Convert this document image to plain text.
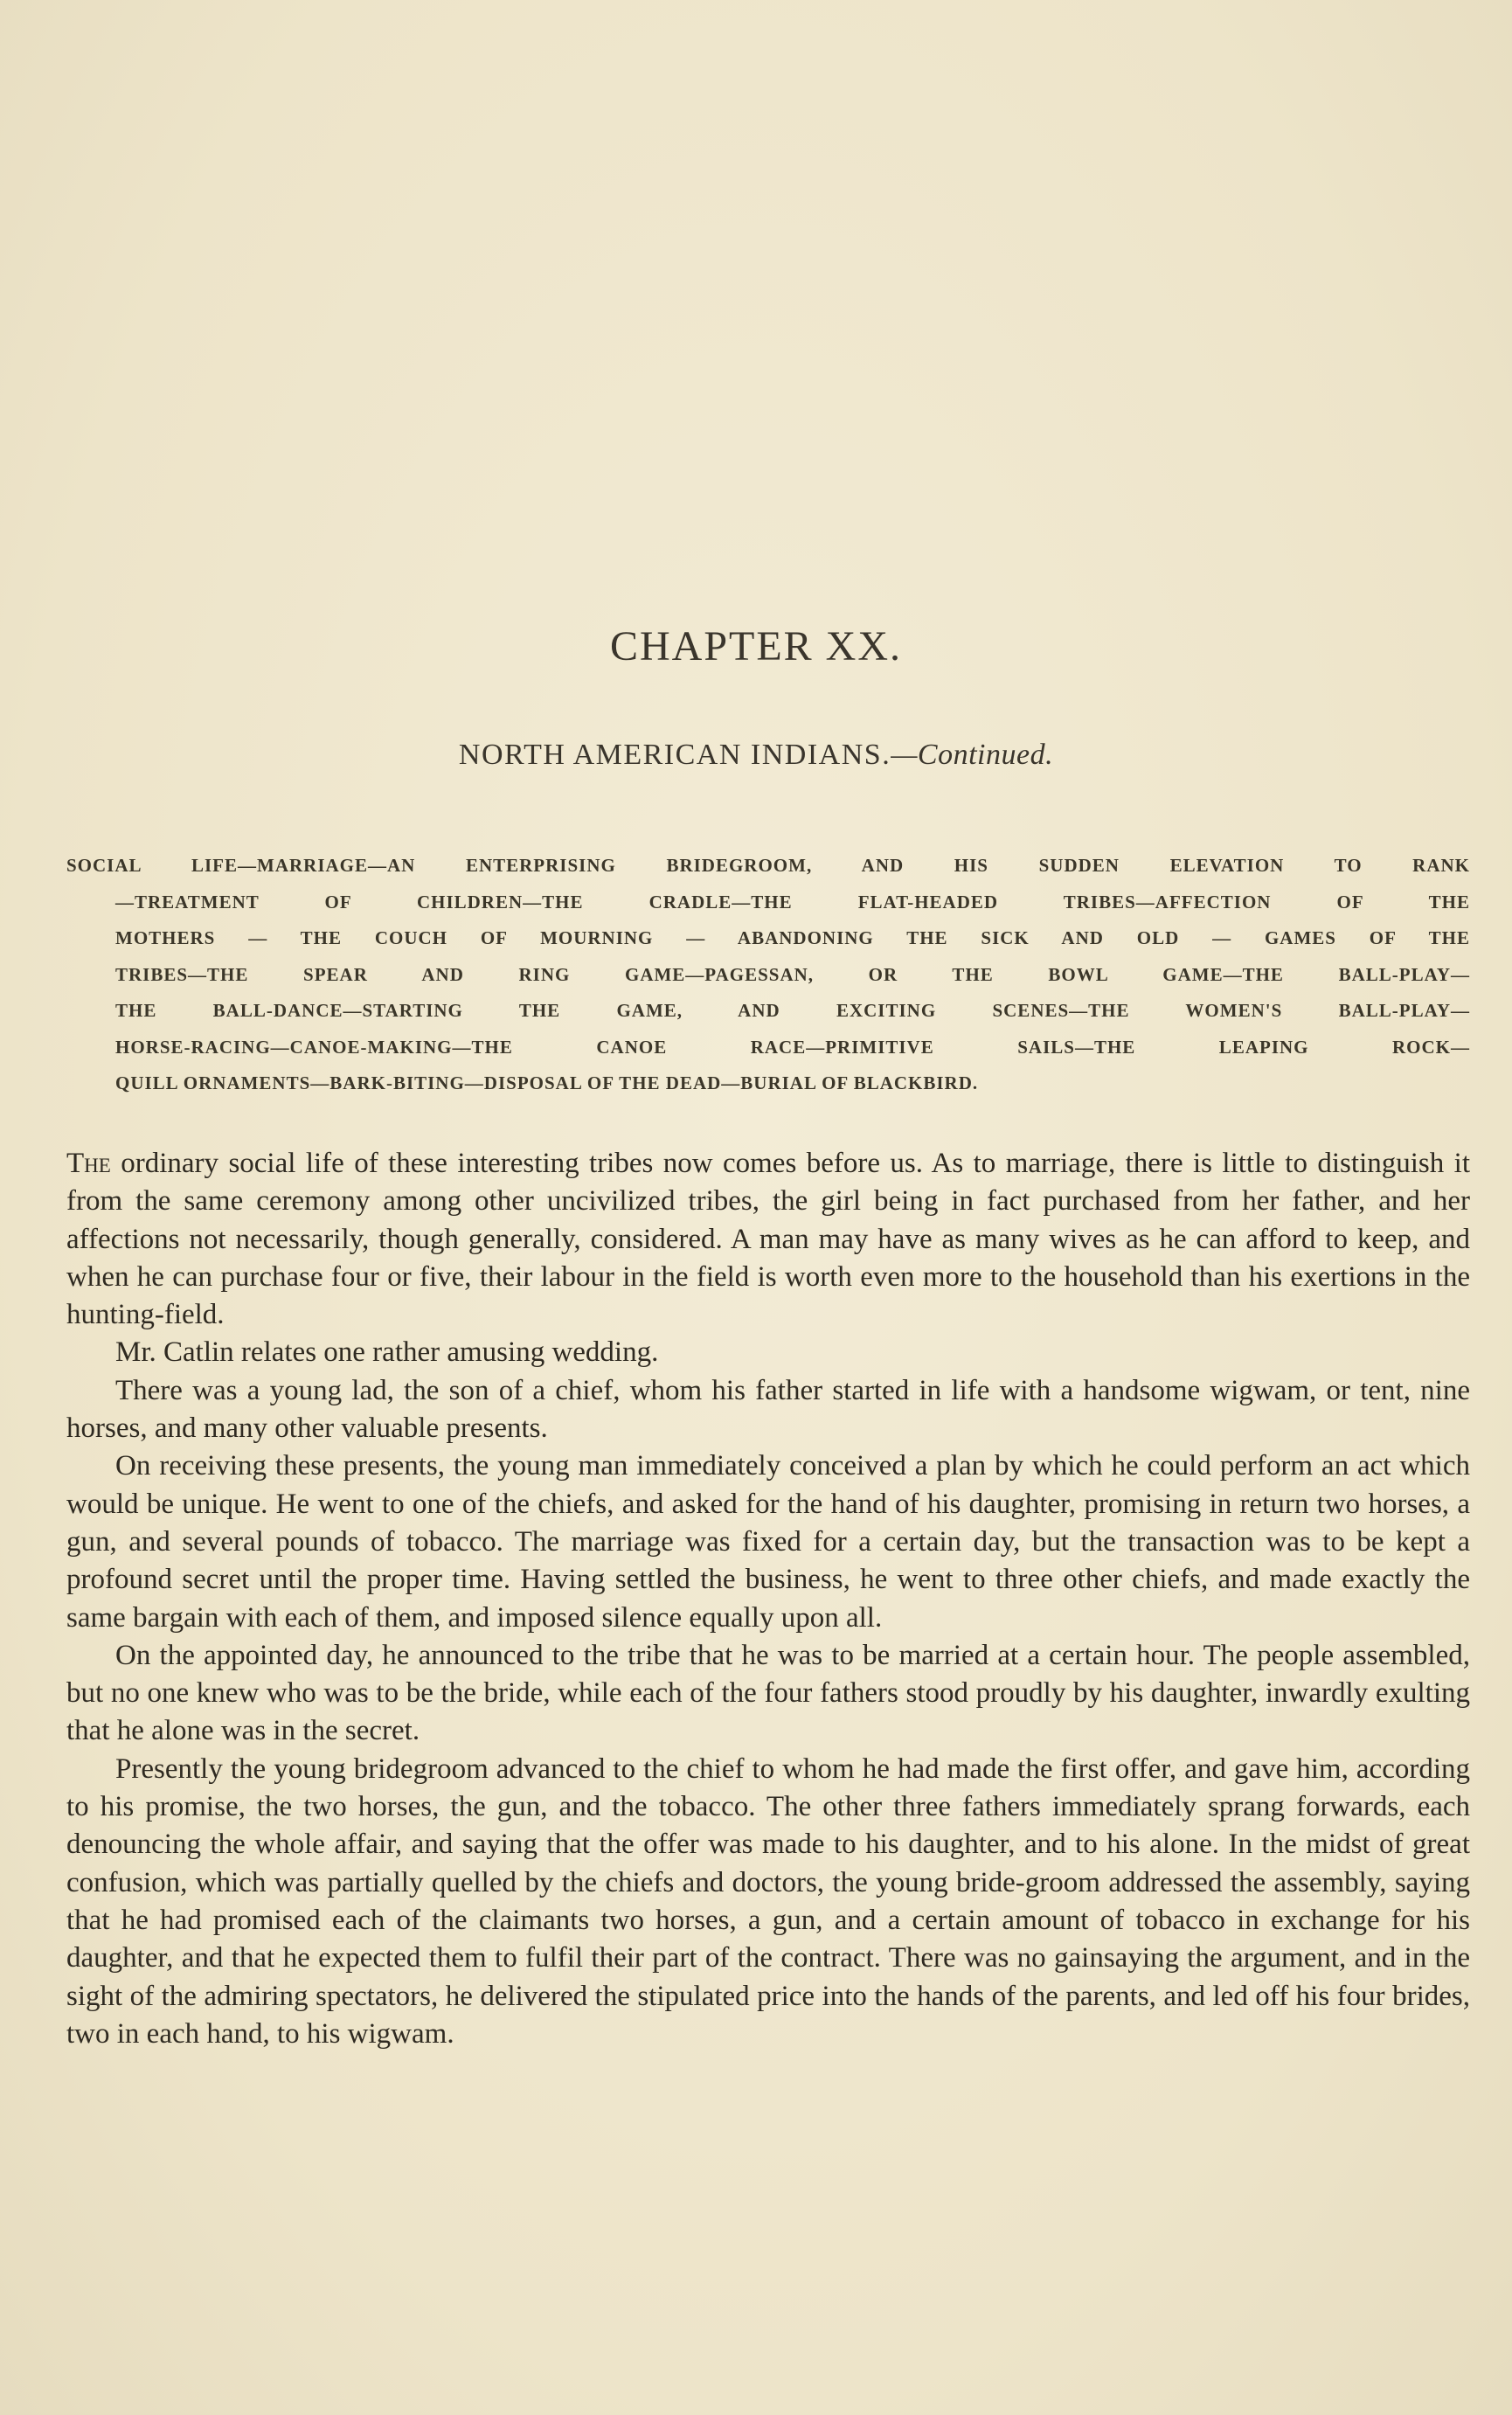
CHAPTER XX.
NORTH AMERICAN INDIANS.—Continued.
SOCIAL LIFE—MARRIAGE—AN ENTERPRISING BRIDEGROOM, AND HIS SUDDEN ELEVATION TO RANK
—TREATMENT OF CHILDREN—THE CRADLE—THE FLAT-HEADED TRIBES—AFFECTION OF THE
MOTHERS — THE COUCH OF MOURNING — ABANDONING THE SICK AND OLD — GAMES OF THE
TRIBES—THE SPEAR AND RING GAME—PAGESSAN, OR THE BOWL GAME—THE BALL-PLAY—
THE BALL-DANCE—STARTING THE GAME, AND EXCITING SCENES—THE WOMEN'S BALL-PLAY—
HORSE-RACING—CANOE-MAKING—THE CANOE RACE—PRIMITIVE SAILS—THE LEAPING ROCK—
QUILL ORNAMENTS—BARK-BITING—DISPOSAL OF THE DEAD—BURIAL OF BLACKBIRD.

The ordinary social life of these interesting tribes now comes before us. As to marriage, there is little to distinguish it from the same ceremony among other uncivilized tribes, the girl being in fact purchased from her father, and her affections not necessarily, though generally, considered. A man may have as many wives as he can afford to keep, and when he can purchase four or five, their labour in the field is worth even more to the household than his exertions in the hunting-field.

Mr. Catlin relates one rather amusing wedding.

There was a young lad, the son of a chief, whom his father started in life with a handsome wigwam, or tent, nine horses, and many other valuable presents.

On receiving these presents, the young man immediately conceived a plan by which he could perform an act which would be unique. He went to one of the chiefs, and asked for the hand of his daughter, promising in return two horses, a gun, and several pounds of tobacco. The marriage was fixed for a certain day, but the transaction was to be kept a profound secret until the proper time. Having settled the business, he went to three other chiefs, and made exactly the same bargain with each of them, and imposed silence equally upon all.

On the appointed day, he announced to the tribe that he was to be married at a certain hour. The people assembled, but no one knew who was to be the bride, while each of the four fathers stood proudly by his daughter, inwardly exulting that he alone was in the secret.

Presently the young bridegroom advanced to the chief to whom he had made the first offer, and gave him, according to his promise, the two horses, the gun, and the tobacco. The other three fathers immediately sprang forwards, each denouncing the whole affair, and saying that the offer was made to his daughter, and to his alone. In the midst of great confusion, which was partially quelled by the chiefs and doctors, the young bride-groom addressed the assembly, saying that he had promised each of the claimants two horses, a gun, and a certain amount of tobacco in exchange for his daughter, and that he expected them to fulfil their part of the contract. There was no gainsaying the argument, and in the sight of the admiring spectators, he delivered the stipulated price into the hands of the parents, and led off his four brides, two in each hand, to his wigwam.
